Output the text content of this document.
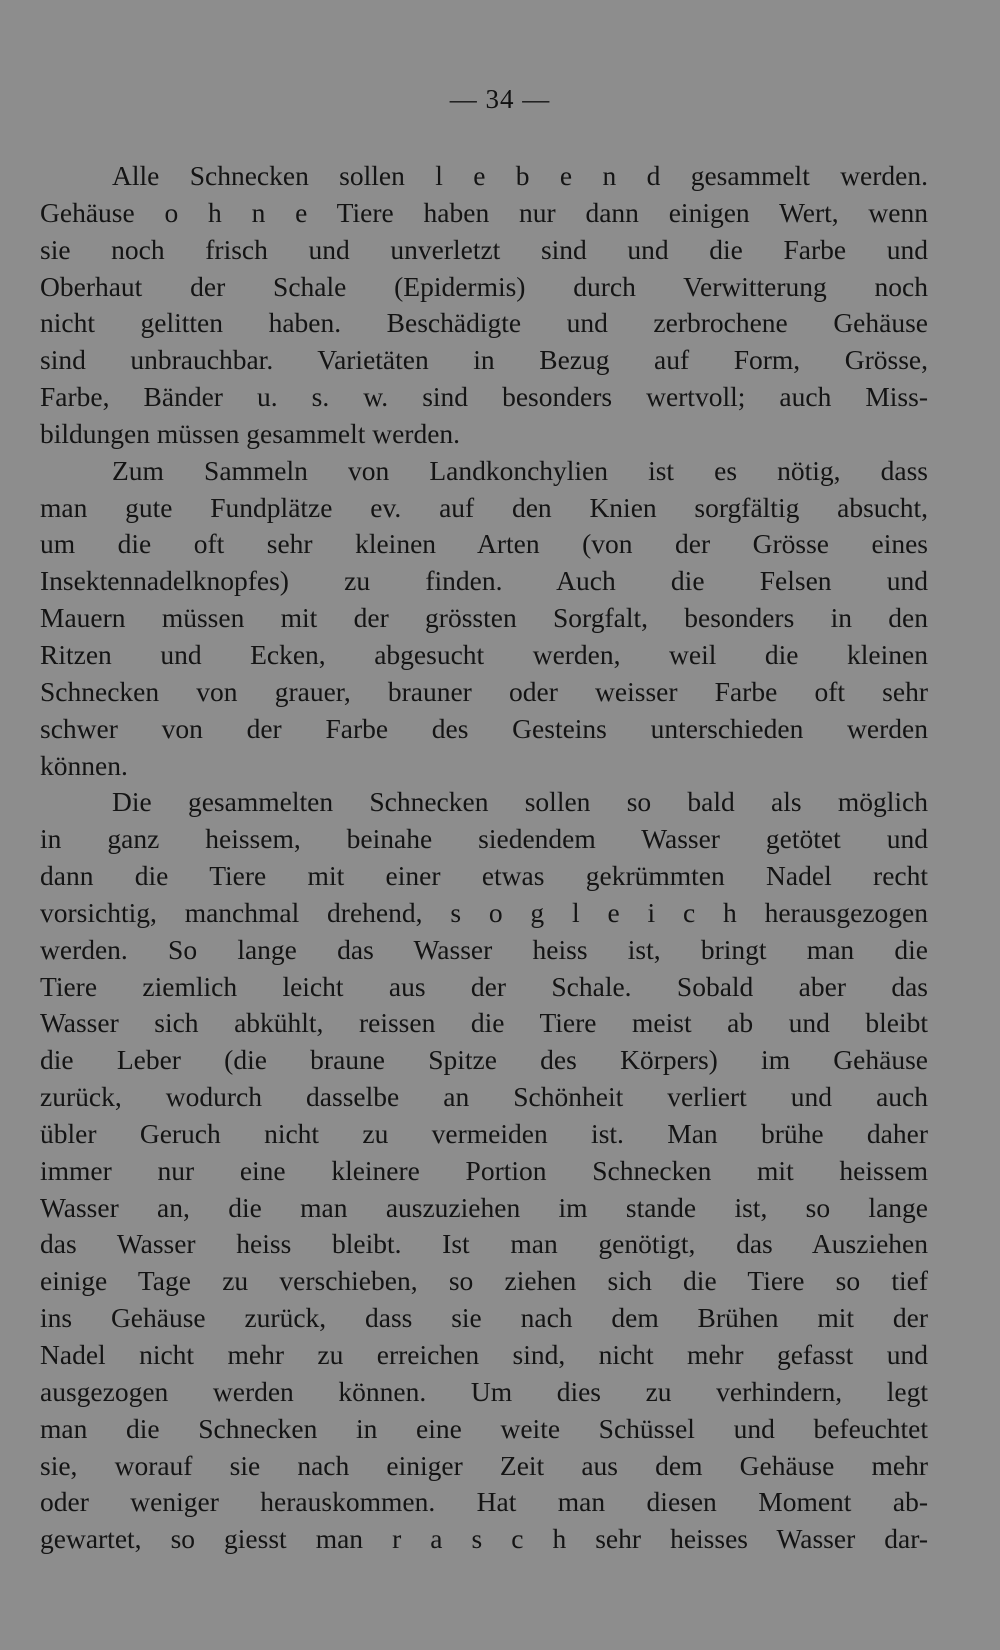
— 34 —
Alle Schnecken sollen l e b e n d gesammelt werden.
Gehäuse o h n e Tiere haben nur dann einigen Wert, wenn
sie noch frisch und unverletzt sind und die Farbe und
Oberhaut der Schale (Epidermis) durch Verwitterung noch
nicht gelitten haben. Beschädigte und zerbrochene Gehäuse
sind unbrauchbar. Varietäten in Bezug auf Form, Grösse,
Farbe, Bänder u. s. w. sind besonders wertvoll; auch Miss-
bildungen müssen gesammelt werden.
Zum Sammeln von Landkonchylien ist es nötig, dass
man gute Fundplätze ev. auf den Knien sorgfältig absucht,
um die oft sehr kleinen Arten (von der Grösse eines
Insektennadelknopfes) zu finden. Auch die Felsen und
Mauern müssen mit der grössten Sorgfalt, besonders in den
Ritzen und Ecken, abgesucht werden, weil die kleinen
Schnecken von grauer, brauner oder weisser Farbe oft sehr
schwer von der Farbe des Gesteins unterschieden werden
können.
Die gesammelten Schnecken sollen so bald als möglich
in ganz heissem, beinahe siedendem Wasser getötet und
dann die Tiere mit einer etwas gekrümmten Nadel recht
vorsichtig, manchmal drehend, s o g l e i c h herausgezogen
werden. So lange das Wasser heiss ist, bringt man die
Tiere ziemlich leicht aus der Schale. Sobald aber das
Wasser sich abkühlt, reissen die Tiere meist ab und bleibt
die Leber (die braune Spitze des Körpers) im Gehäuse
zurück, wodurch dasselbe an Schönheit verliert und auch
übler Geruch nicht zu vermeiden ist. Man brühe daher
immer nur eine kleinere Portion Schnecken mit heissem
Wasser an, die man auszuziehen im stande ist, so lange
das Wasser heiss bleibt. Ist man genötigt, das Ausziehen
einige Tage zu verschieben, so ziehen sich die Tiere so tief
ins Gehäuse zurück, dass sie nach dem Brühen mit der
Nadel nicht mehr zu erreichen sind, nicht mehr gefasst und
ausgezogen werden können. Um dies zu verhindern, legt
man die Schnecken in eine weite Schüssel und befeuchtet
sie, worauf sie nach einiger Zeit aus dem Gehäuse mehr
oder weniger herauskommen. Hat man diesen Moment ab-
gewartet, so giesst man r a s c h sehr heisses Wasser dar-
